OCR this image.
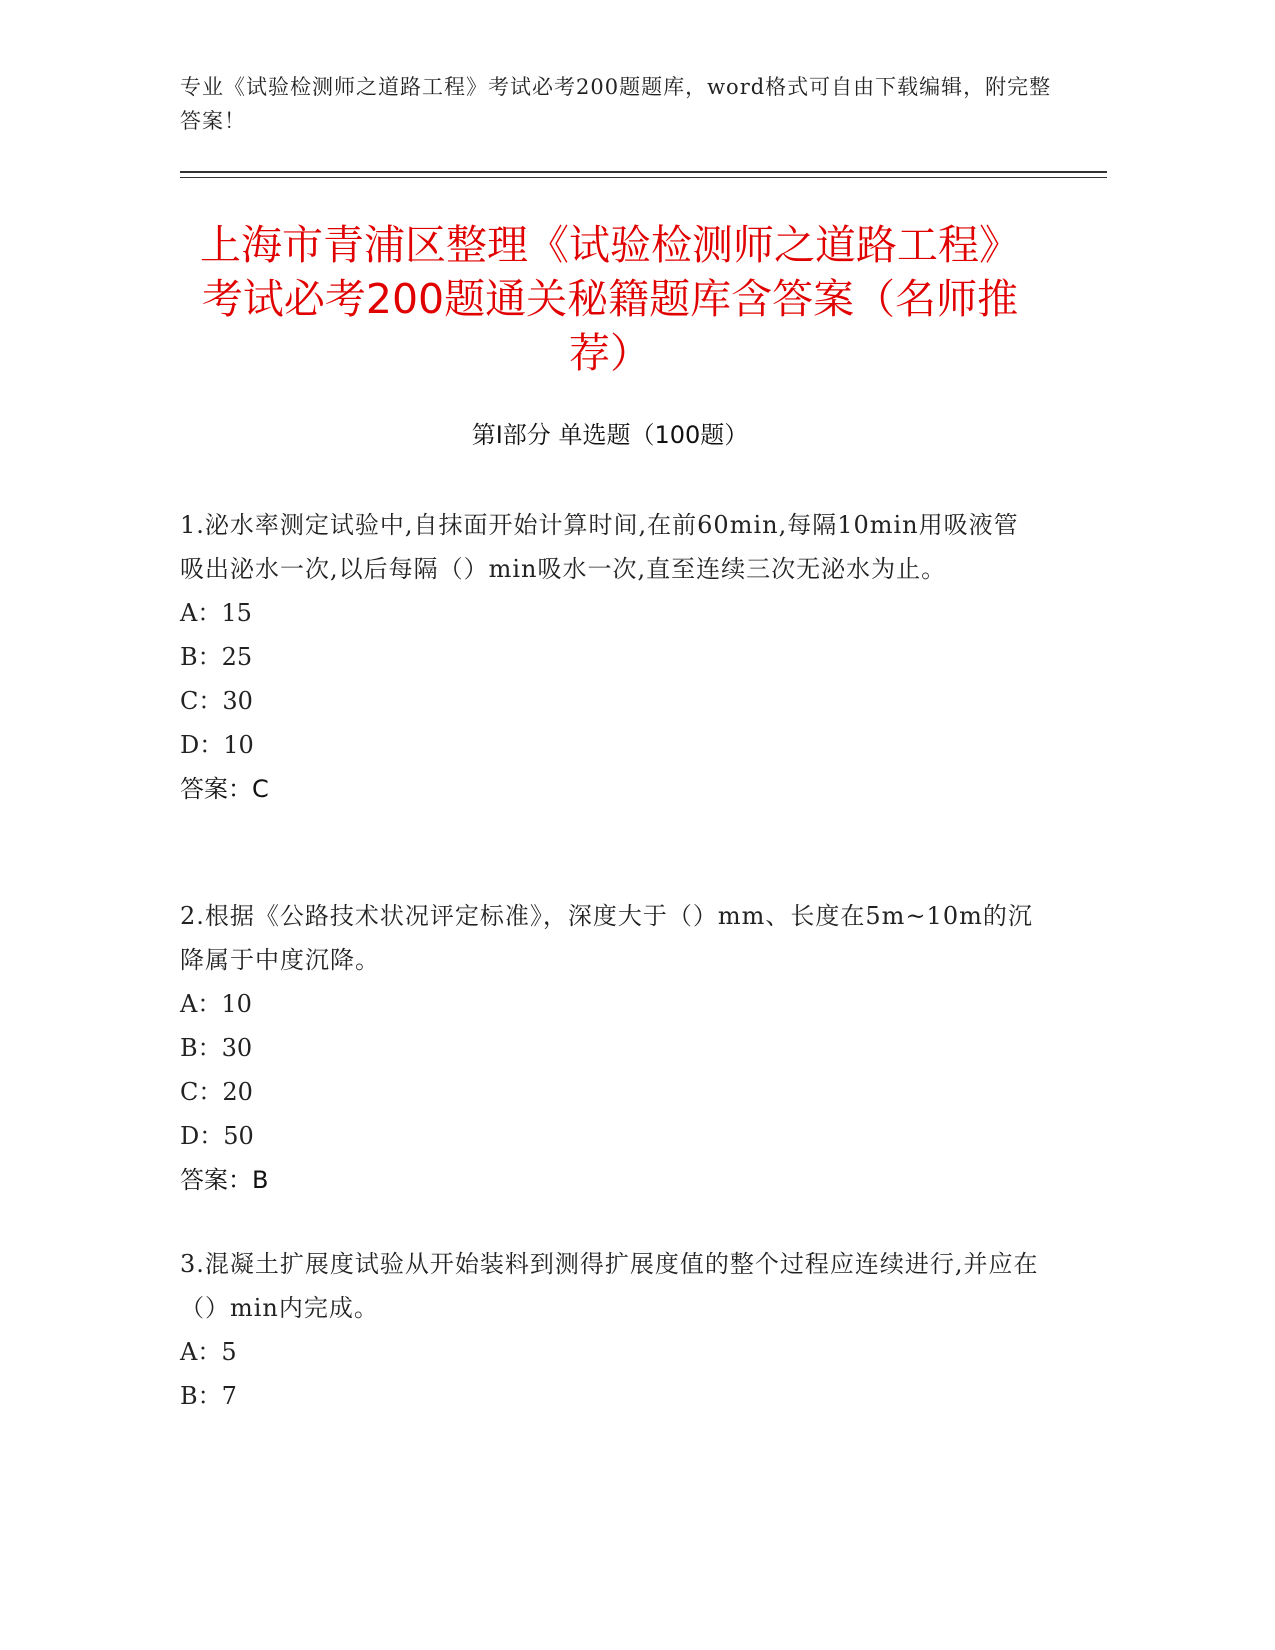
专业《试验检测师之道路工程》考试必考200题题库，word格式可自由下载编辑，附完整答案！
上海市青浦区整理《试验检测师之道路工程》考试必考200题通关秘籍题库含答案（名师推荐）
第I部分 单选题（100题）

1.泌水率测定试验中,自抹面开始计算时间,在前60min,每隔10min用吸液管吸出泌水一次,以后每隔（）min吸水一次,直至连续三次无泌水为止。

A：15

B：25

C：30

D：10

答案：C

2.根据《公路技术状况评定标准》，深度大于（）mm、长度在5m~10m的沉降属于中度沉降。

A：10

B：30

C：20

D：50

答案：B

3.混凝土扩展度试验从开始装料到测得扩展度值的整个过程应连续进行,并应在（）min内完成。

A：5

B：7
